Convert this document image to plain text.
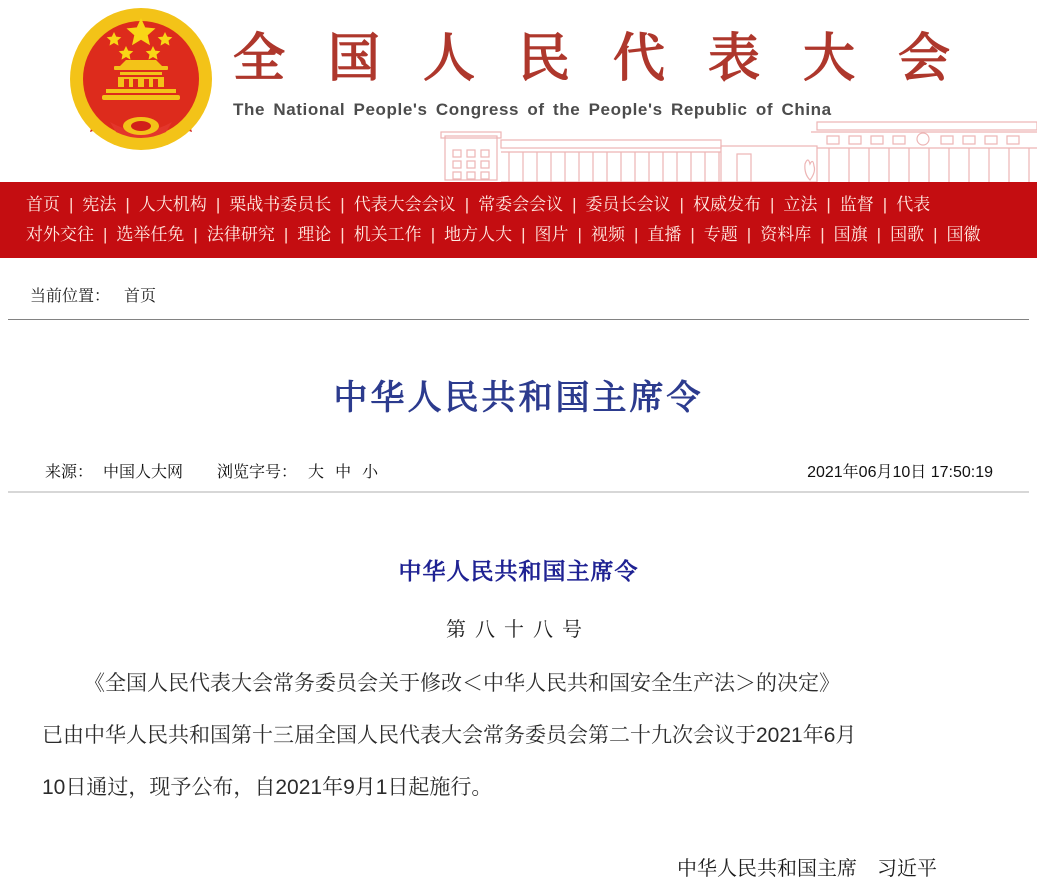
全国人民代表大会
The National People's Congress of the People's Republic of China
首页 | 宪法 | 人大机构 | 栗战书委员长 | 代表大会会议 | 常委会会议 | 委员长会议 | 权威发布 | 立法 | 监督 | 代表
对外交往 | 选举任免 | 法律研究 | 理论 | 机关工作 | 地方人大 | 图片 | 视频 | 直播 | 专题 | 资料库 | 国旗 | 国歌 | 国徽
当前位置： 首页
中华人民共和国主席令
来源： 中国人大网 浏览字号： 大 中 小	2021年06月10日 17:50:19
中华人民共和国主席令
第八十八号
《全国人民代表大会常务委员会关于修改＜中华人民共和国安全生产法＞的决定》
已由中华人民共和国第十三届全国人民代表大会常务委员会第二十九次会议于2021年6月
10日通过，现予公布，自2021年9月1日起施行。
中华人民共和国主席　习近平
